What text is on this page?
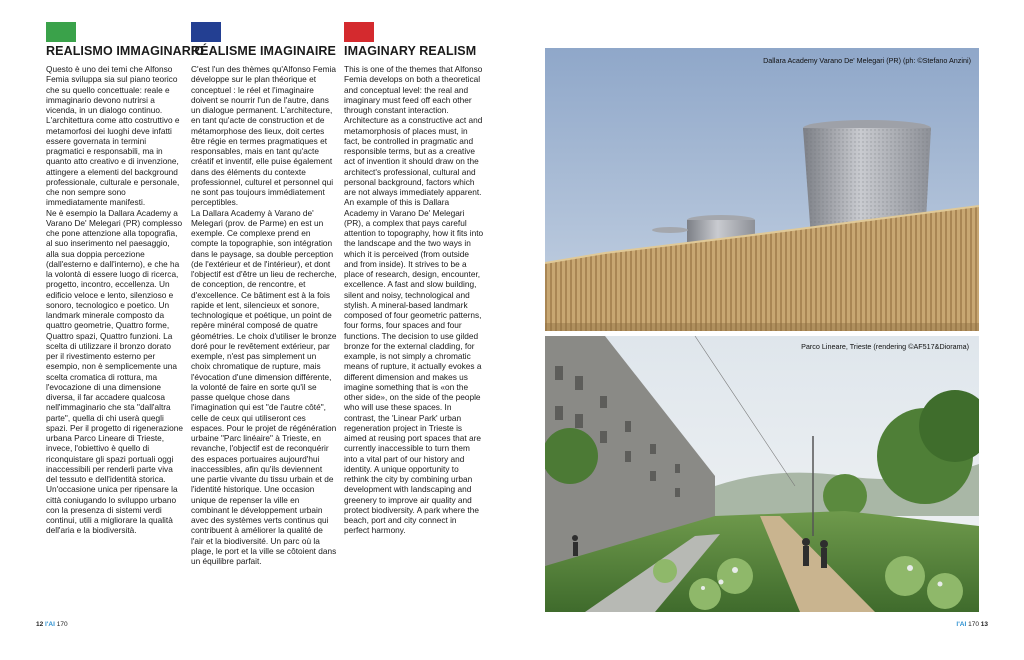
REALISMO IMMAGINARIO
RÉALISME IMAGINAIRE IMAGINARY REALISM

Questo è uno dei temi che Alfonso Femia sviluppa sia sul piano teorico che su quello concettuale: reale e immaginario devono nutrirsi a vicenda, in un dialogo continuo. L'architettura come atto costruttivo e metamorfosi dei luoghi deve infatti essere governata in termini pragmatici e responsabili, ma in quanto atto creativo e di invenzione, attingere a elementi del background professionale, culturale e personale, che non sempre sono immediatamente manifesti.

Ne è esempio la Dallara Academy a Varano De' Melegari (PR) complesso che pone attenzione alla topografia, al suo inserimento nel paesaggio, alla sua doppia percezione (dall'esterno e dall'interno), e che ha la volontà di essere luogo di ricerca, progetto, incontro, eccellenza. Un edificio veloce e lento, silenzioso e sonoro, tecnologico e poetico. Un landmark minerale composto da quattro geometrie, Quattro forme, Quattro spazi, Quattro funzioni. La scelta di utilizzare il bronzo dorato per il rivestimento esterno per esempio, non è semplicemente una scelta cromatica di rottura, ma l'evocazione di una dimensione diversa, il far accadere qualcosa nell'immaginario che sta "dall'altra parte", quella di chi userà quegli spazi. Per il progetto di rigenerazione urbana Parco Lineare di Trieste, invece, l'obiettivo è quello di riconquistare gli spazi portuali oggi inaccessibili per renderli parte viva del tessuto e dell'identità storica. Un'occasione unica per ripensare la città coniugando lo sviluppo urbano con la presenza di sistemi verdi continui, utili a migliorare la qualità dell'aria e la biodiversità.

C'est l'un des thèmes qu'Alfonso Femia développe sur le plan théorique et conceptuel : le réel et l'imaginaire doivent se nourrir l'un de l'autre, dans un dialogue permanent. L'architecture, en tant qu'acte de construction et de métamorphose des lieux, doit certes être régie en termes pragmatiques et responsables, mais en tant qu'acte créatif et inventif, elle puise également dans des éléments du contexte professionnel, culturel et personnel qui ne sont pas toujours immédiatement perceptibles.

La Dallara Academy à Varano de' Melegari (prov. de Parme) en est un exemple. Ce complexe prend en compte la topographie, son intégration dans le paysage, sa double perception (de l'extérieur et de l'intérieur), et dont l'objectif est d'être un lieu de recherche, de conception, de rencontre, et d'excellence. Ce bâtiment est à la fois rapide et lent, silencieux et sonore, technologique et poétique, un point de repère minéral composé de quatre géométries. Le choix d'utiliser le bronze doré pour le revêtement extérieur, par exemple, n'est pas simplement un choix chromatique de rupture, mais l'évocation d'une dimension différente, la volonté de faire en sorte qu'il se passe quelque chose dans l'imagination qui est "de l'autre côté", celle de ceux qui utiliseront ces espaces. Pour le projet de régénération urbaine "Parc linéaire" à Trieste, en revanche, l'objectif est de reconquérir des espaces portuaires aujourd'hui inaccessibles, afin qu'ils deviennent une partie vivante du tissu urbain et de l'identité historique. Une occasion unique de repenser la ville en combinant le développement urbain avec des systèmes verts continus qui contribuent à améliorer la qualité de l'air et la biodiversité. Un parc où la plage, le port et la ville se côtoient dans un équilibre parfait.

This is one of the themes that Alfonso Femia develops on both a theoretical and conceptual level: the real and imaginary must feed off each other through constant interaction. Architecture as a constructive act and metamorphosis of places must, in fact, be controlled in pragmatic and responsible terms, but as a creative act of invention it should draw on the architect's professional, cultural and personal background, factors which are not always immediately apparent.

An example of this is Dallara Academy in Varano De' Melegari (PR), a complex that pays careful attention to topography, how it fits into the landscape and the two ways in which it is perceived (from outside and from inside). It strives to be a place of research, design, encounter, excellence. A fast and slow building, silent and noisy, technological and stylish. A mineral-based landmark composed of four geometric patterns, four forms, four spaces and four functions. The decision to use gilded bronze for the external cladding, for example, is not simply a chromatic means of rupture, it actually evokes a different dimension and makes us imagine something that is «on the other side», on the side of the people who will use these spaces. In contrast, the 'Linear Park' urban regeneration project in Trieste is aimed at reusing port spaces that are currently inaccessible to turn them into a vital part of our history and identity. A unique opportunity to rethink the city by combining urban development with landscaping and greenery to improve air quality and protect biodiversity. A park where the beach, port and city connect in perfect harmony.

Dallara Academy Varano De' Melegari (PR) (ph: ©Stefano Anzini)
Parco Lineare, Trieste (rendering ©AF517&Diorama)
12 l'AI 170	l'AI 170 13
